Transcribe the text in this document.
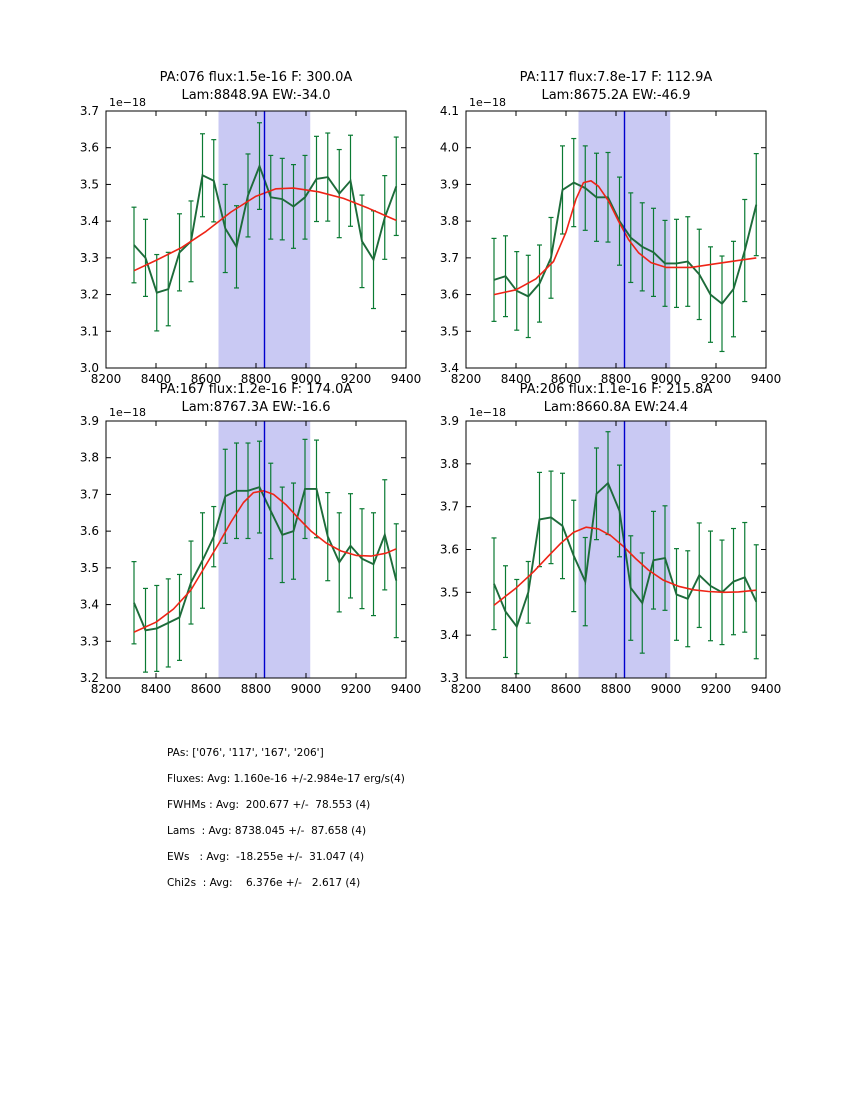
8200 8400 8600 8800 9000 9200 9400
3.0
3.1
3.2
3.3
3.4
3.5
3.6
3.7
1e−18
8200 8400 8600 8800 9000 9200 9400
3.4
3.5
3.6
3.7
3.8
3.9
4.0
4.1
1e−18
8200 8400 8600 8800 9000 9200 9400
3.2
3.3
3.4
3.5
3.6
3.7
3.8
3.9
1e−18
8200 8400 8600 8800 9000 9200 9400
3.3
3.4
3.5
3.6
3.7
3.8
3.9
1e−18
PA:076 flux:1.5e-16 F: 300.0A
Lam:8848.9A EW:-34.0
PA:117 flux:7.8e-17 F: 112.9A
Lam:8675.2A EW:-46.9
PA:167 flux:1.2e-16 F: 174.0A
Lam:8767.3A EW:-16.6
PA:206 flux:1.1e-16 F: 215.8A
Lam:8660.8A EW:24.4
PAs: ['076', '117', '167', '206']
Fluxes: Avg: 1.160e-16 +/-2.984e-17 erg/s(4)
FWHMs : Avg:  200.677 +/-  78.553 (4)
Lams  : Avg: 8738.045 +/-  87.658 (4)
EWs   : Avg:  -18.255e +/-  31.047 (4)
Chi2s  : Avg:    6.376e +/-   2.617 (4)
